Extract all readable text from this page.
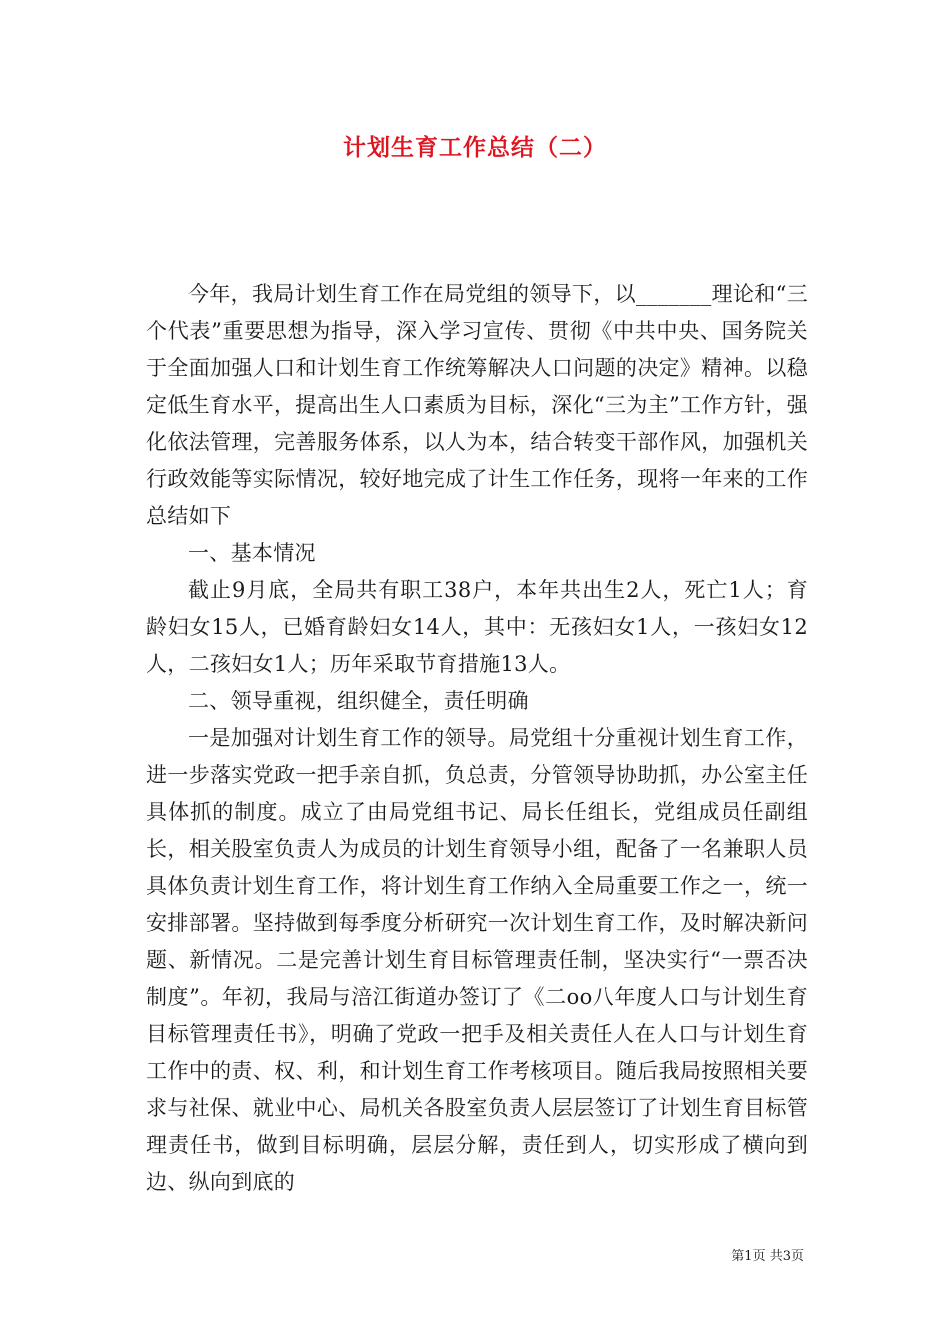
计划生育工作总结（二）

今年，我局计划生育工作在局党组的领导下，以_______理论和“三个代表”重要思想为指导，深入学习宣传、贯彻《中共中央、国务院关于全面加强人口和计划生育工作统筹解决人口问题的决定》精神。以稳定低生育水平，提高出生人口素质为目标，深化“三为主”工作方针，强化依法管理，完善服务体系，以人为本，结合转变干部作风，加强机关行政效能等实际情况，较好地完成了计生工作任务，现将一年来的工作总结如下

一、基本情况

截止9月底，全局共有职工38户，本年共出生2人，死亡1人；育龄妇女15人，已婚育龄妇女14人，其中：无孩妇女1人，一孩妇女12人，二孩妇女1人；历年采取节育措施13人。

二、领导重视，组织健全，责任明确

一是加强对计划生育工作的领导。局党组十分重视计划生育工作，进一步落实党政一把手亲自抓，负总责，分管领导协助抓，办公室主任具体抓的制度。成立了由局党组书记、局长任组长，党组成员任副组长，相关股室负责人为成员的计划生育领导小组，配备了一名兼职人员具体负责计划生育工作，将计划生育工作纳入全局重要工作之一，统一安排部署。坚持做到每季度分析研究一次计划生育工作，及时解决新问题、新情况。二是完善计划生育目标管理责任制，坚决实行“一票否决制度”。年初，我局与涪江街道办签订了《二oo八年度人口与计划生育目标管理责任书》，明确了党政一把手及相关责任人在人口与计划生育工作中的责、权、利，和计划生育工作考核项目。随后我局按照相关要求与社保、就业中心、局机关各股室负责人层层签订了计划生育目标管理责任书，做到目标明确，层层分解，责任到人，切实形成了横向到边、纵向到底的

第1页 共3页
